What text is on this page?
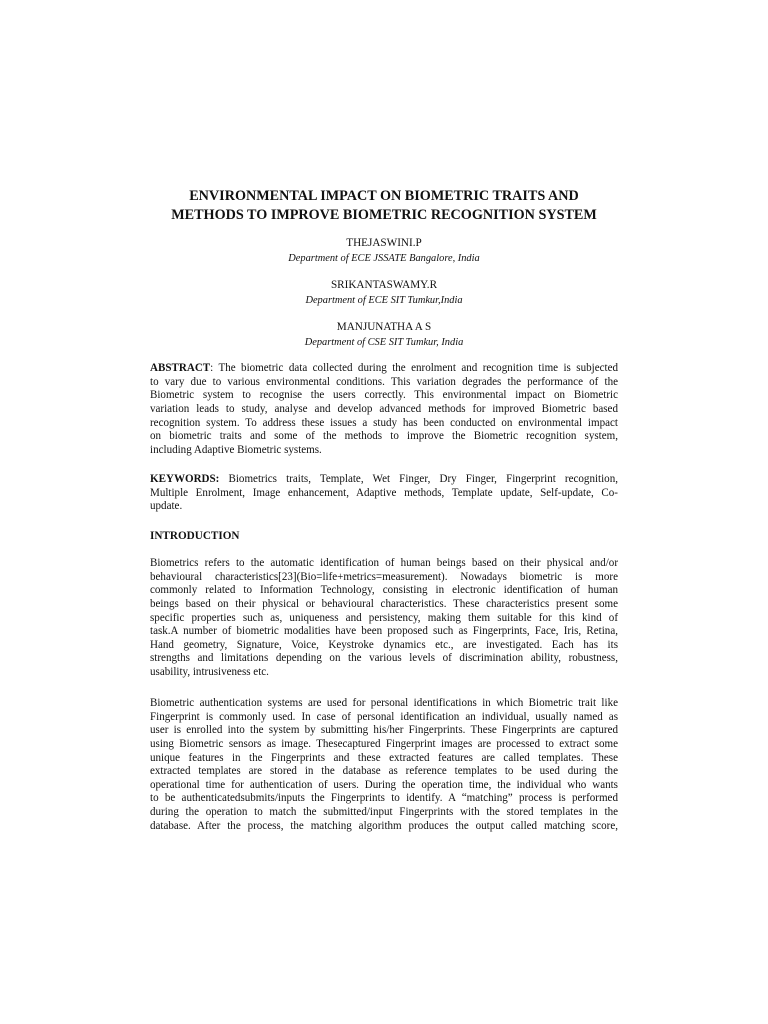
ENVIRONMENTAL IMPACT ON BIOMETRIC TRAITS AND
METHODS TO IMPROVE BIOMETRIC RECOGNITION SYSTEM
THEJASWINI.P
Department of ECE JSSATE Bangalore, India
SRIKANTASWAMY.R
Department of ECE SIT Tumkur,India
MANJUNATHA A S
Department of CSE SIT Tumkur, India
ABSTRACT: The biometric data collected during the enrolment and recognition time is subjected
to vary due to various environmental conditions. This variation degrades the performance of the
Biometric system to recognise the users correctly. This environmental impact on Biometric
variation leads to study, analyse and develop advanced methods for improved Biometric based
recognition system. To address these issues a study has been conducted on environmental impact
on biometric traits and some of the methods to improve the Biometric recognition system,
including Adaptive Biometric systems.
KEYWORDS: Biometrics traits, Template, Wet Finger, Dry Finger, Fingerprint recognition,
Multiple Enrolment, Image enhancement, Adaptive methods, Template update, Self-update, Co-
update.
INTRODUCTION
Biometrics refers to the automatic identification of human beings based on their physical and/or
behavioural characteristics[23](Bio=life+metrics=measurement). Nowadays biometric is more
commonly related to Information Technology, consisting in electronic identification of human
beings based on their physical or behavioural characteristics. These characteristics present some
specific properties such as, uniqueness and persistency, making them suitable for this kind of
task.A number of biometric modalities have been proposed such as Fingerprints, Face, Iris, Retina,
Hand geometry, Signature, Voice, Keystroke dynamics etc., are investigated. Each has its
strengths and limitations depending on the various levels of discrimination ability, robustness,
usability, intrusiveness etc.
Biometric authentication systems are used for personal identifications in which Biometric trait like
Fingerprint is commonly used. In case of personal identification an individual, usually named as
user is enrolled into the system by submitting his/her Fingerprints. These Fingerprints are captured
using Biometric sensors as image. Thesecaptured Fingerprint images are processed to extract some
unique features in the Fingerprints and these extracted features are called templates. These
extracted templates are stored in the database as reference templates to be used during the
operational time for authentication of users. During the operation time, the individual who wants
to be authenticatedsubmits/inputs the Fingerprints to identify. A “matching” process is performed
during the operation to match the submitted/input Fingerprints with the stored templates in the
database. After the process, the matching algorithm produces the output called matching score,
